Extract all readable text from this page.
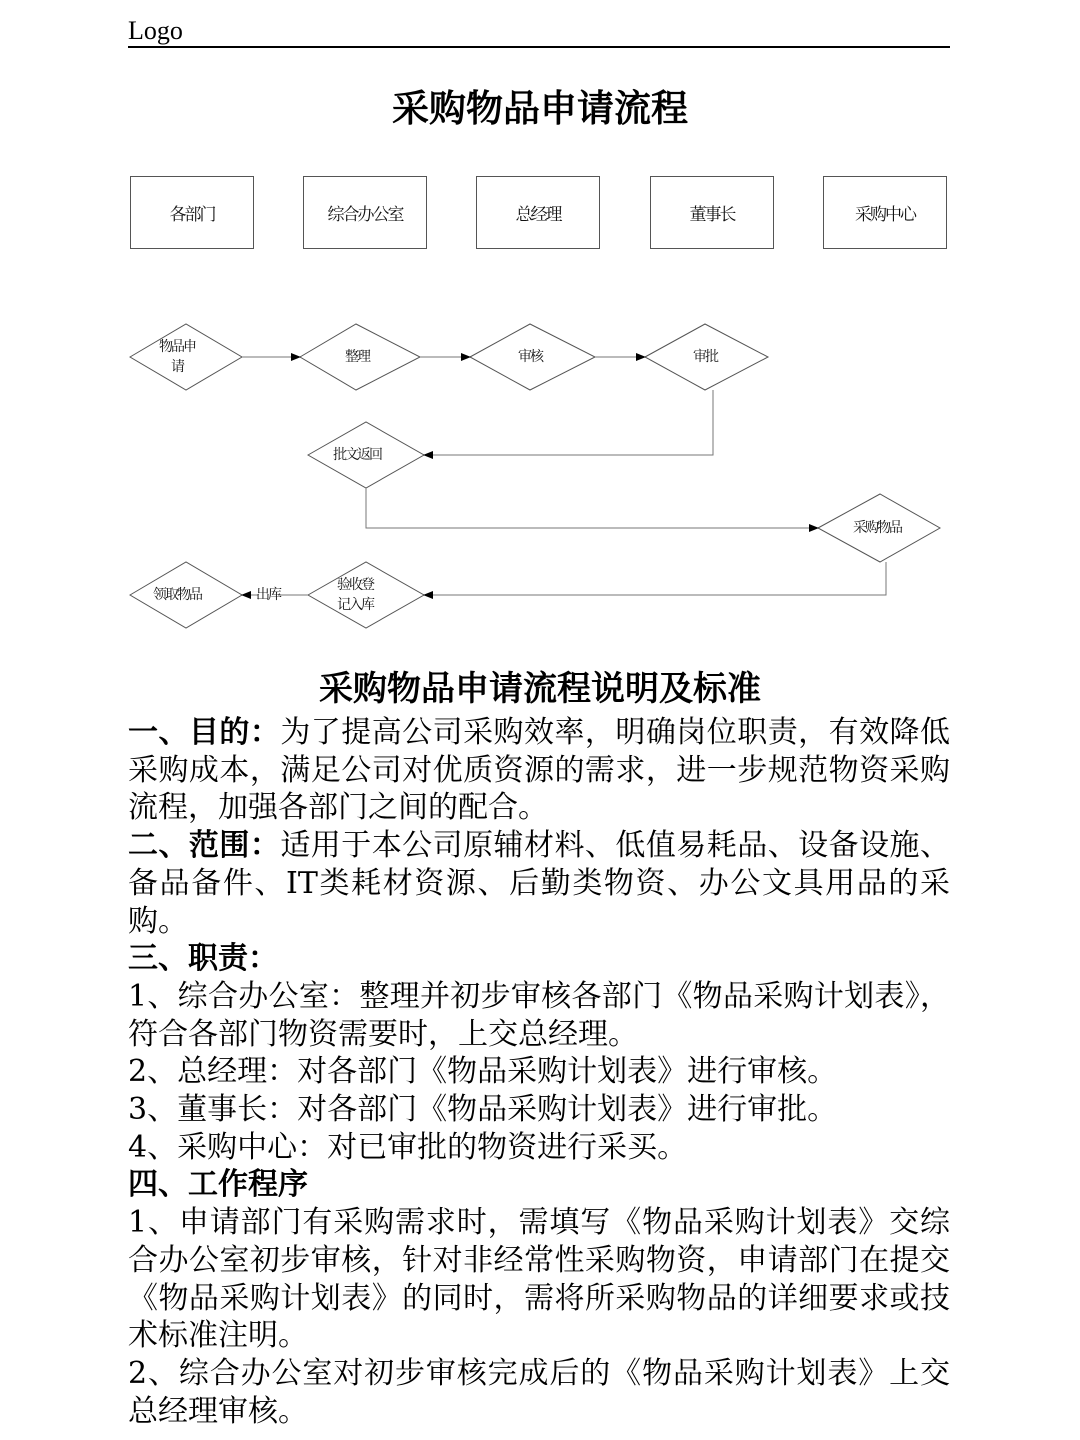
Logo
采购物品申请流程
各部门	综合办公室	总经理	董事长	采购中心
物品申
请
整理	审核	审批
批文返回
采购物品
验收登
记入库
出库
领取物品
采购物品申请流程说明及标准

一、目的：为了提高公司采购效率，明确岗位职责，有效降低采购成本，满足公司对优质资源的需求，进一步规范物资采购流程，加强各部门之间的配合。

二、范围：适用于本公司原辅材料、低值易耗品、设备设施、备品备件、IT类耗材资源、后勤类物资、办公文具用品的采购。

三、职责：

1、综合办公室：整理并初步审核各部门《物品采购计划表》，符合各部门物资需要时，上交总经理。

2、总经理：对各部门《物品采购计划表》进行审核。

3、董事长：对各部门《物品采购计划表》进行审批。

4、采购中心：对已审批的物资进行采买。

四、工作程序

1、申请部门有采购需求时，需填写《物品采购计划表》交综合办公室初步审核，针对非经常性采购物资，申请部门在提交《物品采购计划表》的同时，需将所采购物品的详细要求或技术标准注明。

2、综合办公室对初步审核完成后的《物品采购计划表》上交总经理审核。
